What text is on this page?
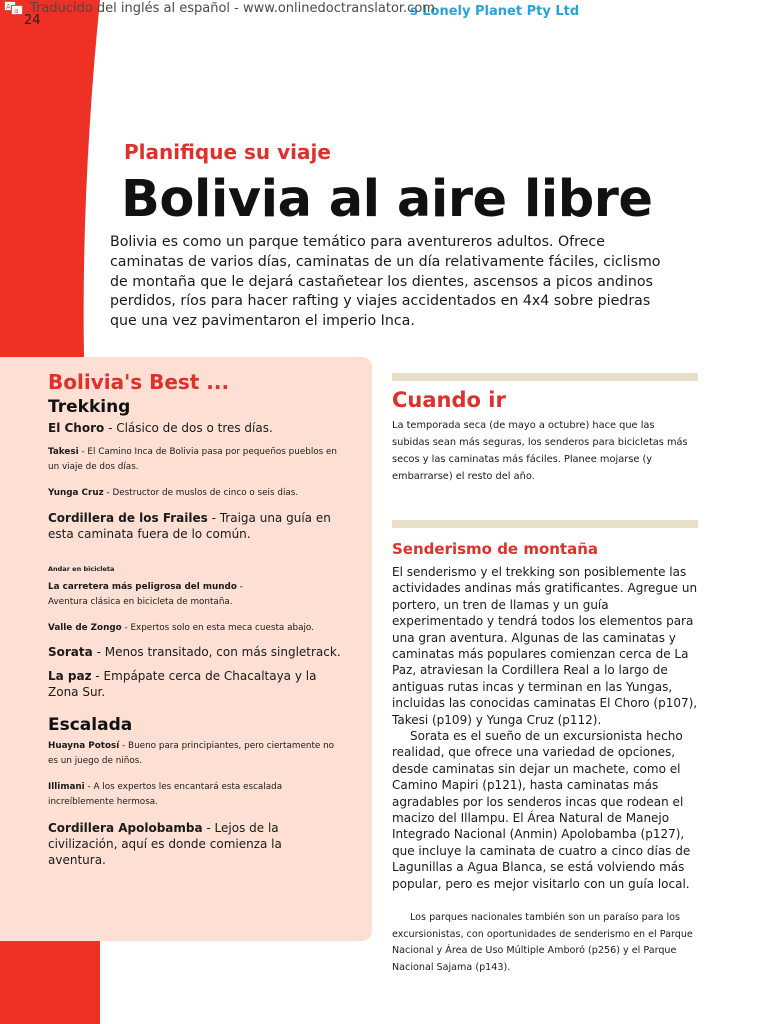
A a Traducido del inglés al español - www.onlinedoctranslator.com
24
s Lonely Planet Pty Ltd
Planifique su viaje
Bolivia al aire libre

Bolivia es como un parque temático para aventureros adultos. Ofrece caminatas de varios días, caminatas de un día relativamente fáciles, ciclismo de montaña que le dejará castañetear los dientes, ascensos a picos andinos perdidos, ríos para hacer rafting y viajes accidentados en 4x4 sobre piedras que una vez pavimentaron el imperio Inca.

Bolivia's Best ...
Trekking
El Choro - Clásico de dos o tres días.
Takesi - El Camino Inca de Bolivia pasa por pequeños pueblos en un viaje de dos días.
Yunga Cruz - Destructor de muslos de cinco o seis días.
Cordillera de los Frailes - Traiga una guía en esta caminata fuera de lo común.
Andar en bicicleta
La carretera más peligrosa del mundo - Aventura clásica en bicicleta de montaña.
Valle de Zongo - Expertos solo en esta meca cuesta abajo.
Sorata - Menos transitado, con más singletrack.
La paz - Empápate cerca de Chacaltaya y la Zona Sur.
Escalada
Huayna Potosí - Bueno para principiantes, pero ciertamente no es un juego de niños.
Illimani - A los expertos les encantará esta escalada increíblemente hermosa.
Cordillera Apolobamba - Lejos de la civilización, aquí es donde comienza la aventura.
Cuando ir

La temporada seca (de mayo a octubre) hace que las subidas sean más seguras, los senderos para bicicletas más secos y las caminatas más fáciles. Planee mojarse (y embarrarse) el resto del año.

Senderismo de montaña

El senderismo y el trekking son posiblemente las actividades andinas más gratificantes. Agregue un portero, un tren de llamas y un guía experimentado y tendrá todos los elementos para una gran aventura. Algunas de las caminatas y caminatas más populares comienzan cerca de La Paz, atraviesan la Cordillera Real a lo largo de antiguas rutas incas y terminan en las Yungas, incluidas las conocidas caminatas El Choro (p107), Takesi (p109) y Yunga Cruz (p112).

Sorata es el sueño de un excursionista hecho realidad, que ofrece una variedad de opciones, desde caminatas sin dejar un machete, como el Camino Mapiri (p121), hasta caminatas más agradables por los senderos incas que rodean el macizo del Illampu. El Área Natural de Manejo Integrado Nacional (Anmin) Apolobamba (p127), que incluye la caminata de cuatro a cinco días de Lagunillas a Agua Blanca, se está volviendo más popular, pero es mejor visitarlo con un guía local.

Los parques nacionales también son un paraíso para los excursionistas, con oportunidades de senderismo en el Parque Nacional y Área de Uso Múltiple Amboró (p256) y el Parque Nacional Sajama (p143).
